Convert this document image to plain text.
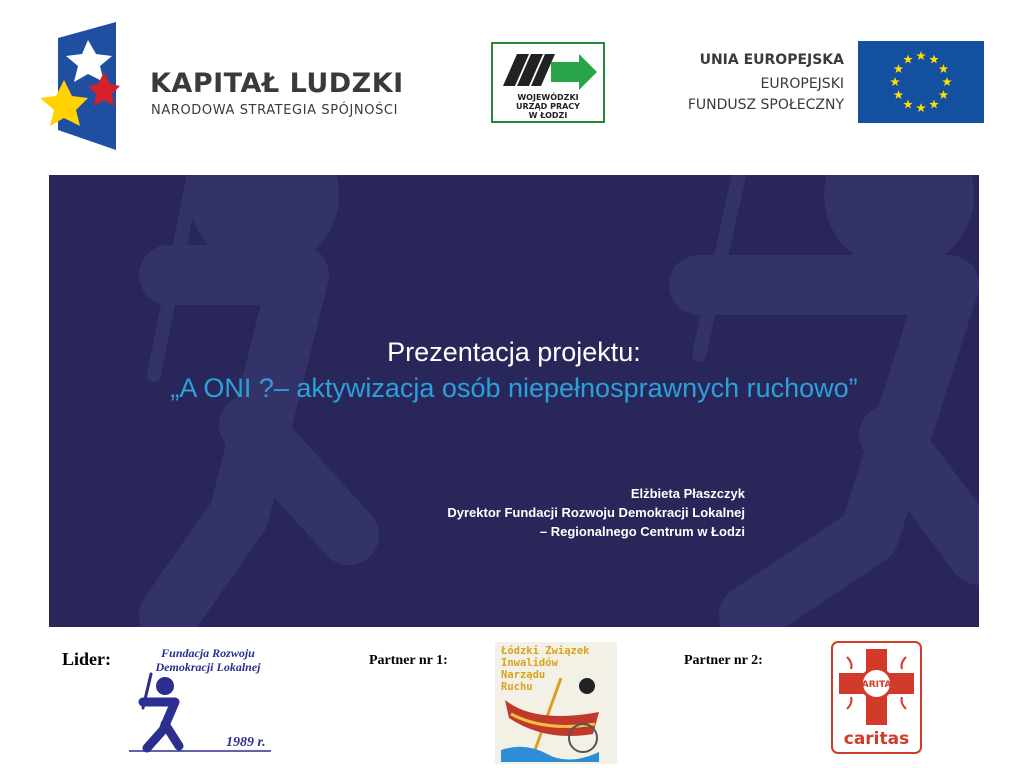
KAPITAŁ LUDZKI
NARODOWA STRATEGIA SPÓJNOŚCI
WOJEWÓDZKI
URZĄD PRACY
W ŁODZI
UNIA EUROPEJSKA
EUROPEJSKI
FUNDUSZ SPOŁECZNY
Prezentacja projektu:
„A ONI ?– aktywizacja osób niepełnosprawnych ruchowo”
Elżbieta Płaszczyk
Dyrektor Fundacji Rozwoju Demokracji Lokalnej
– Regionalnego Centrum w Łodzi
Lider:	Fundacja Rozwoju
Demokracji Lokalnej
1989 r.
Partner nr 1:
Łódzki Związek
Inwalidów
Narządu
Ruchu
Partner nr 2:
CARITAS
caritas
